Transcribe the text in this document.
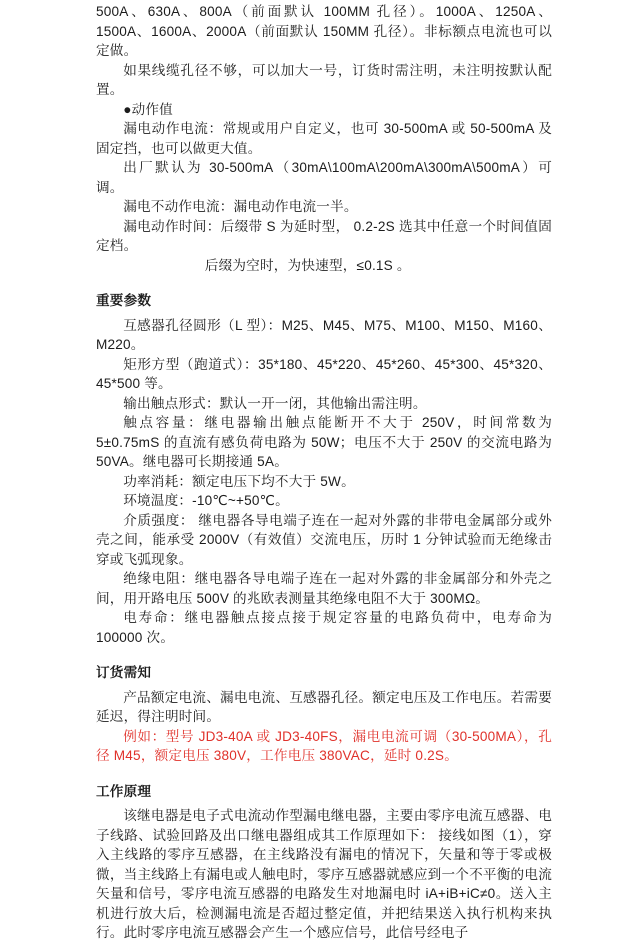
500A、630A、800A（前面默认 100MM 孔径）。1000A、1250A、1500A、1600A、2000A（前面默认 150MM 孔径）。非标额点电流也可以定做。

如果线缆孔径不够，可以加大一号，订货时需注明，未注明按默认配置。

●动作值

漏电动作电流：常规或用户自定义，也可 30-500mA 或 50-500mA 及固定挡，也可以做更大值。

出厂默认为 30-500mA（30mA\100mA\200mA\300mA\500mA）可调。

漏电不动作电流：漏电动作电流一半。

漏电动作时间：后缀带 S 为延时型， 0.2-2S 选其中任意一个时间值固定档。

后缀为空时，为快速型，≤0.1S 。

重要参数

互感器孔径圆形（L 型）：M25、M45、M75、M100、M150、M160、M220。

矩形方型（跑道式）：35*180、45*220、45*260、45*300、45*320、45*500 等。

输出触点形式：默认一开一闭，其他输出需注明。

触点容量：继电器输出触点能断开不大于 250V，时间常数为 5±0.75mS 的直流有感负荷电路为 50W；电压不大于 250V 的交流电路为 50VA。继电器可长期接通 5A。

功率消耗：额定电压下均不大于 5W。

环境温度：-10℃~+50℃。

介质强度： 继电器各导电端子连在一起对外露的非带电金属部分或外壳之间，能承受 2000V（有效值）交流电压，历时 1 分钟试验而无绝缘击穿或飞弧现象。

绝缘电阻：继电器各导电端子连在一起对外露的非金属部分和外壳之间，用开路电压 500V 的兆欧表测量其绝缘电阻不大于 300MΩ。

电寿命：继电器触点接点接于规定容量的电路负荷中，电寿命为 100000 次。

订货需知

产品额定电流、漏电电流、互感器孔径。额定电压及工作电压。若需要延迟，得注明时间。

例如：型号 JD3-40A 或 JD3-40FS，漏电电流可调（30-500MA），孔径 M45，额定电压 380V，工作电压 380VAC，延时 0.2S。

工作原理

该继电器是电子式电流动作型漏电继电器，主要由零序电流互感器、电子线路、试验回路及出口继电器组成其工作原理如下： 接线如图（1），穿入主线路的零序互感器，在主线路没有漏电的情况下，矢量和等于零或极微，当主线路上有漏电或人触电时，零序互感器就感应到一个不平衡的电流矢量和信号，零序电流互感器的电路发生对地漏电时 iA+iB+iC≠0。送入主机进行放大后，检测漏电流是否超过整定值，并把结果送入执行机构来执行。此时零序电流互感器会产生一个感应信号，此信号经电子
